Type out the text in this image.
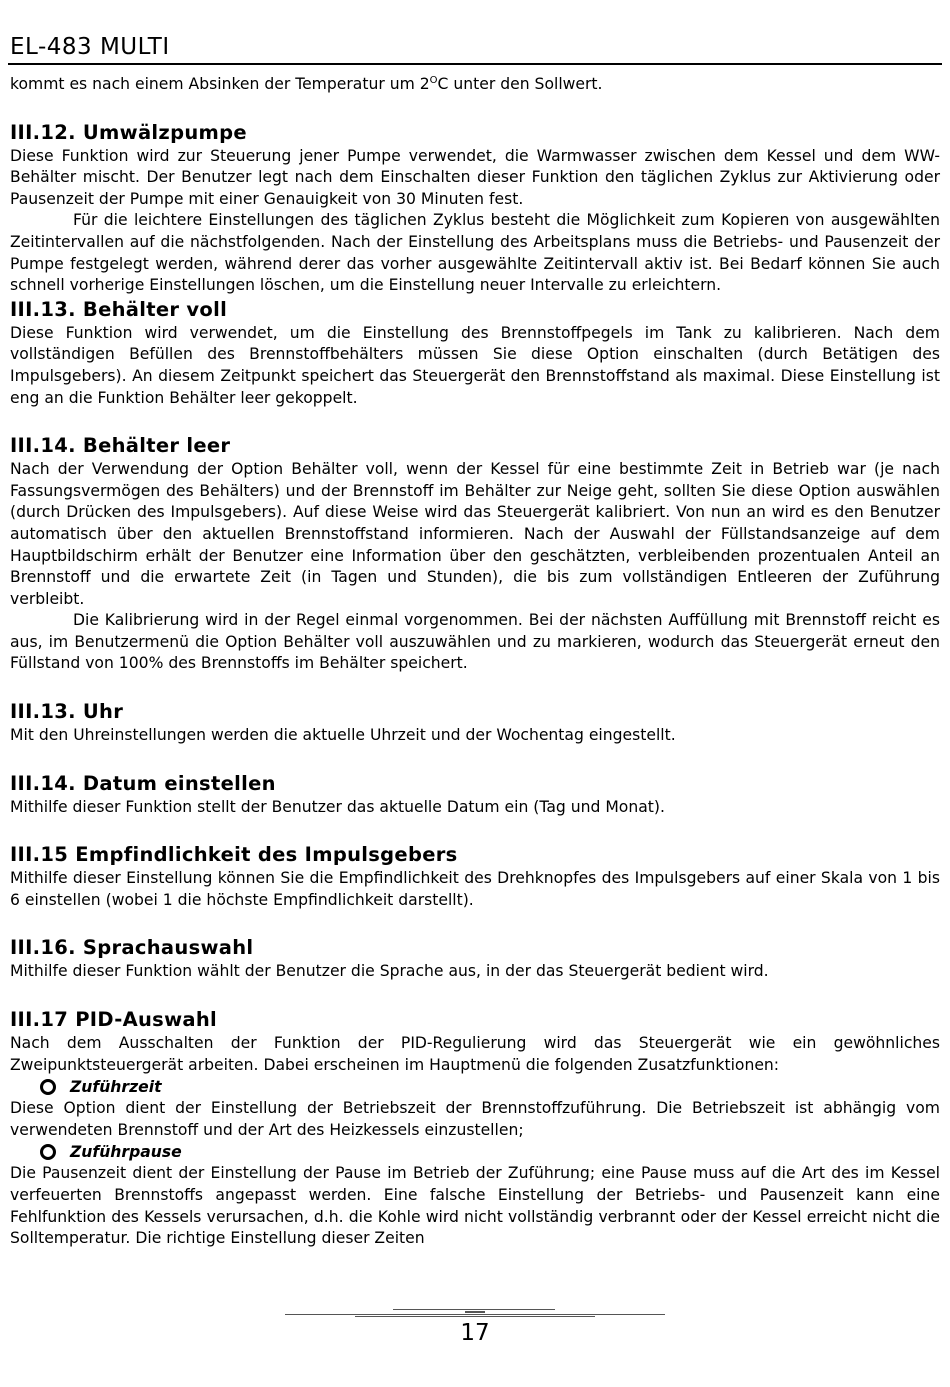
EL-483 MULTI

kommt es nach einem Absinken der Temperatur um $2^OC$ unter den Sollwert.

III.12. Umwälzpumpe

Diese Funktion wird zur Steuerung jener Pumpe verwendet, die Warmwasser zwischen dem Kessel und dem WW-Behälter mischt. Der Benutzer legt nach dem Einschalten dieser Funktion den täglichen Zyklus zur Aktivierung oder Pausenzeit der Pumpe mit einer Genauigkeit von 30 Minuten fest.

Für die leichtere Einstellungen des täglichen Zyklus besteht die Möglichkeit zum Kopieren von ausgewählten Zeitintervallen auf die nächstfolgenden. Nach der Einstellung des Arbeitsplans muss die Betriebs- und Pausenzeit der Pumpe festgelegt werden, während derer das vorher ausgewählte Zeitintervall aktiv ist. Bei Bedarf können Sie auch schnell vorherige Einstellungen löschen, um die Einstellung neuer Intervalle zu erleichtern.

III.13. Behälter voll

Diese Funktion wird verwendet, um die Einstellung des Brennstoffpegels im Tank zu kalibrieren. Nach dem vollständigen Befüllen des Brennstoffbehälters müssen Sie diese Option einschalten (durch Betätigen des Impulsgebers). An diesem Zeitpunkt speichert das Steuergerät den Brennstoffstand als maximal. Diese Einstellung ist eng an die Funktion Behälter leer gekoppelt.

III.14. Behälter leer

Nach der Verwendung der Option Behälter voll, wenn der Kessel für eine bestimmte Zeit in Betrieb war (je nach Fassungsvermögen des Behälters) und der Brennstoff im Behälter zur Neige geht, sollten Sie diese Option auswählen (durch Drücken des Impulsgebers). Auf diese Weise wird das Steuergerät kalibriert. Von nun an wird es den Benutzer automatisch über den aktuellen Brennstoffstand informieren. Nach der Auswahl der Füllstandsanzeige auf dem Hauptbildschirm erhält der Benutzer eine Information über den geschätzten, verbleibenden prozentualen Anteil an Brennstoff und die erwartete Zeit (in Tagen und Stunden), die bis zum vollständigen Entleeren der Zuführung verbleibt.

Die Kalibrierung wird in der Regel einmal vorgenommen. Bei der nächsten Auffüllung mit Brennstoff reicht es aus, im Benutzermenü die Option Behälter voll auszuwählen und zu markieren, wodurch das Steuergerät erneut den Füllstand von 100% des Brennstoffs im Behälter speichert.

III.13. Uhr

Mit den Uhreinstellungen werden die aktuelle Uhrzeit und der Wochentag eingestellt.

III.14. Datum einstellen

Mithilfe dieser Funktion stellt der Benutzer das aktuelle Datum ein (Tag und Monat).

III.15 Empfindlichkeit des Impulsgebers

Mithilfe dieser Einstellung können Sie die Empfindlichkeit des Drehknopfes des Impulsgebers auf einer Skala von 1 bis 6 einstellen (wobei 1 die höchste Empfindlichkeit darstellt).

III.16. Sprachauswahl

Mithilfe dieser Funktion wählt der Benutzer die Sprache aus, in der das Steuergerät bedient wird.

III.17 PID-Auswahl

Nach dem Ausschalten der Funktion der PID-Regulierung wird das Steuergerät wie ein gewöhnliches Zweipunktsteuergerät arbeiten. Dabei erscheinen im Hauptmenü die folgenden Zusatzfunktionen:

Zuführzeit

Diese Option dient der Einstellung der Betriebszeit der Brennstoffzuführung. Die Betriebszeit ist abhängig vom verwendeten Brennstoff und der Art des Heizkessels einzustellen;

Zuführpause

Die Pausenzeit dient der Einstellung der Pause im Betrieb der Zuführung; eine Pause muss auf die Art des im Kessel verfeuerten Brennstoffs angepasst werden. Eine falsche Einstellung der Betriebs- und Pausenzeit kann eine Fehlfunktion des Kessels verursachen, d.h. die Kohle wird nicht vollständig verbrannt oder der Kessel erreicht nicht die Solltemperatur. Die richtige Einstellung dieser Zeiten

17
